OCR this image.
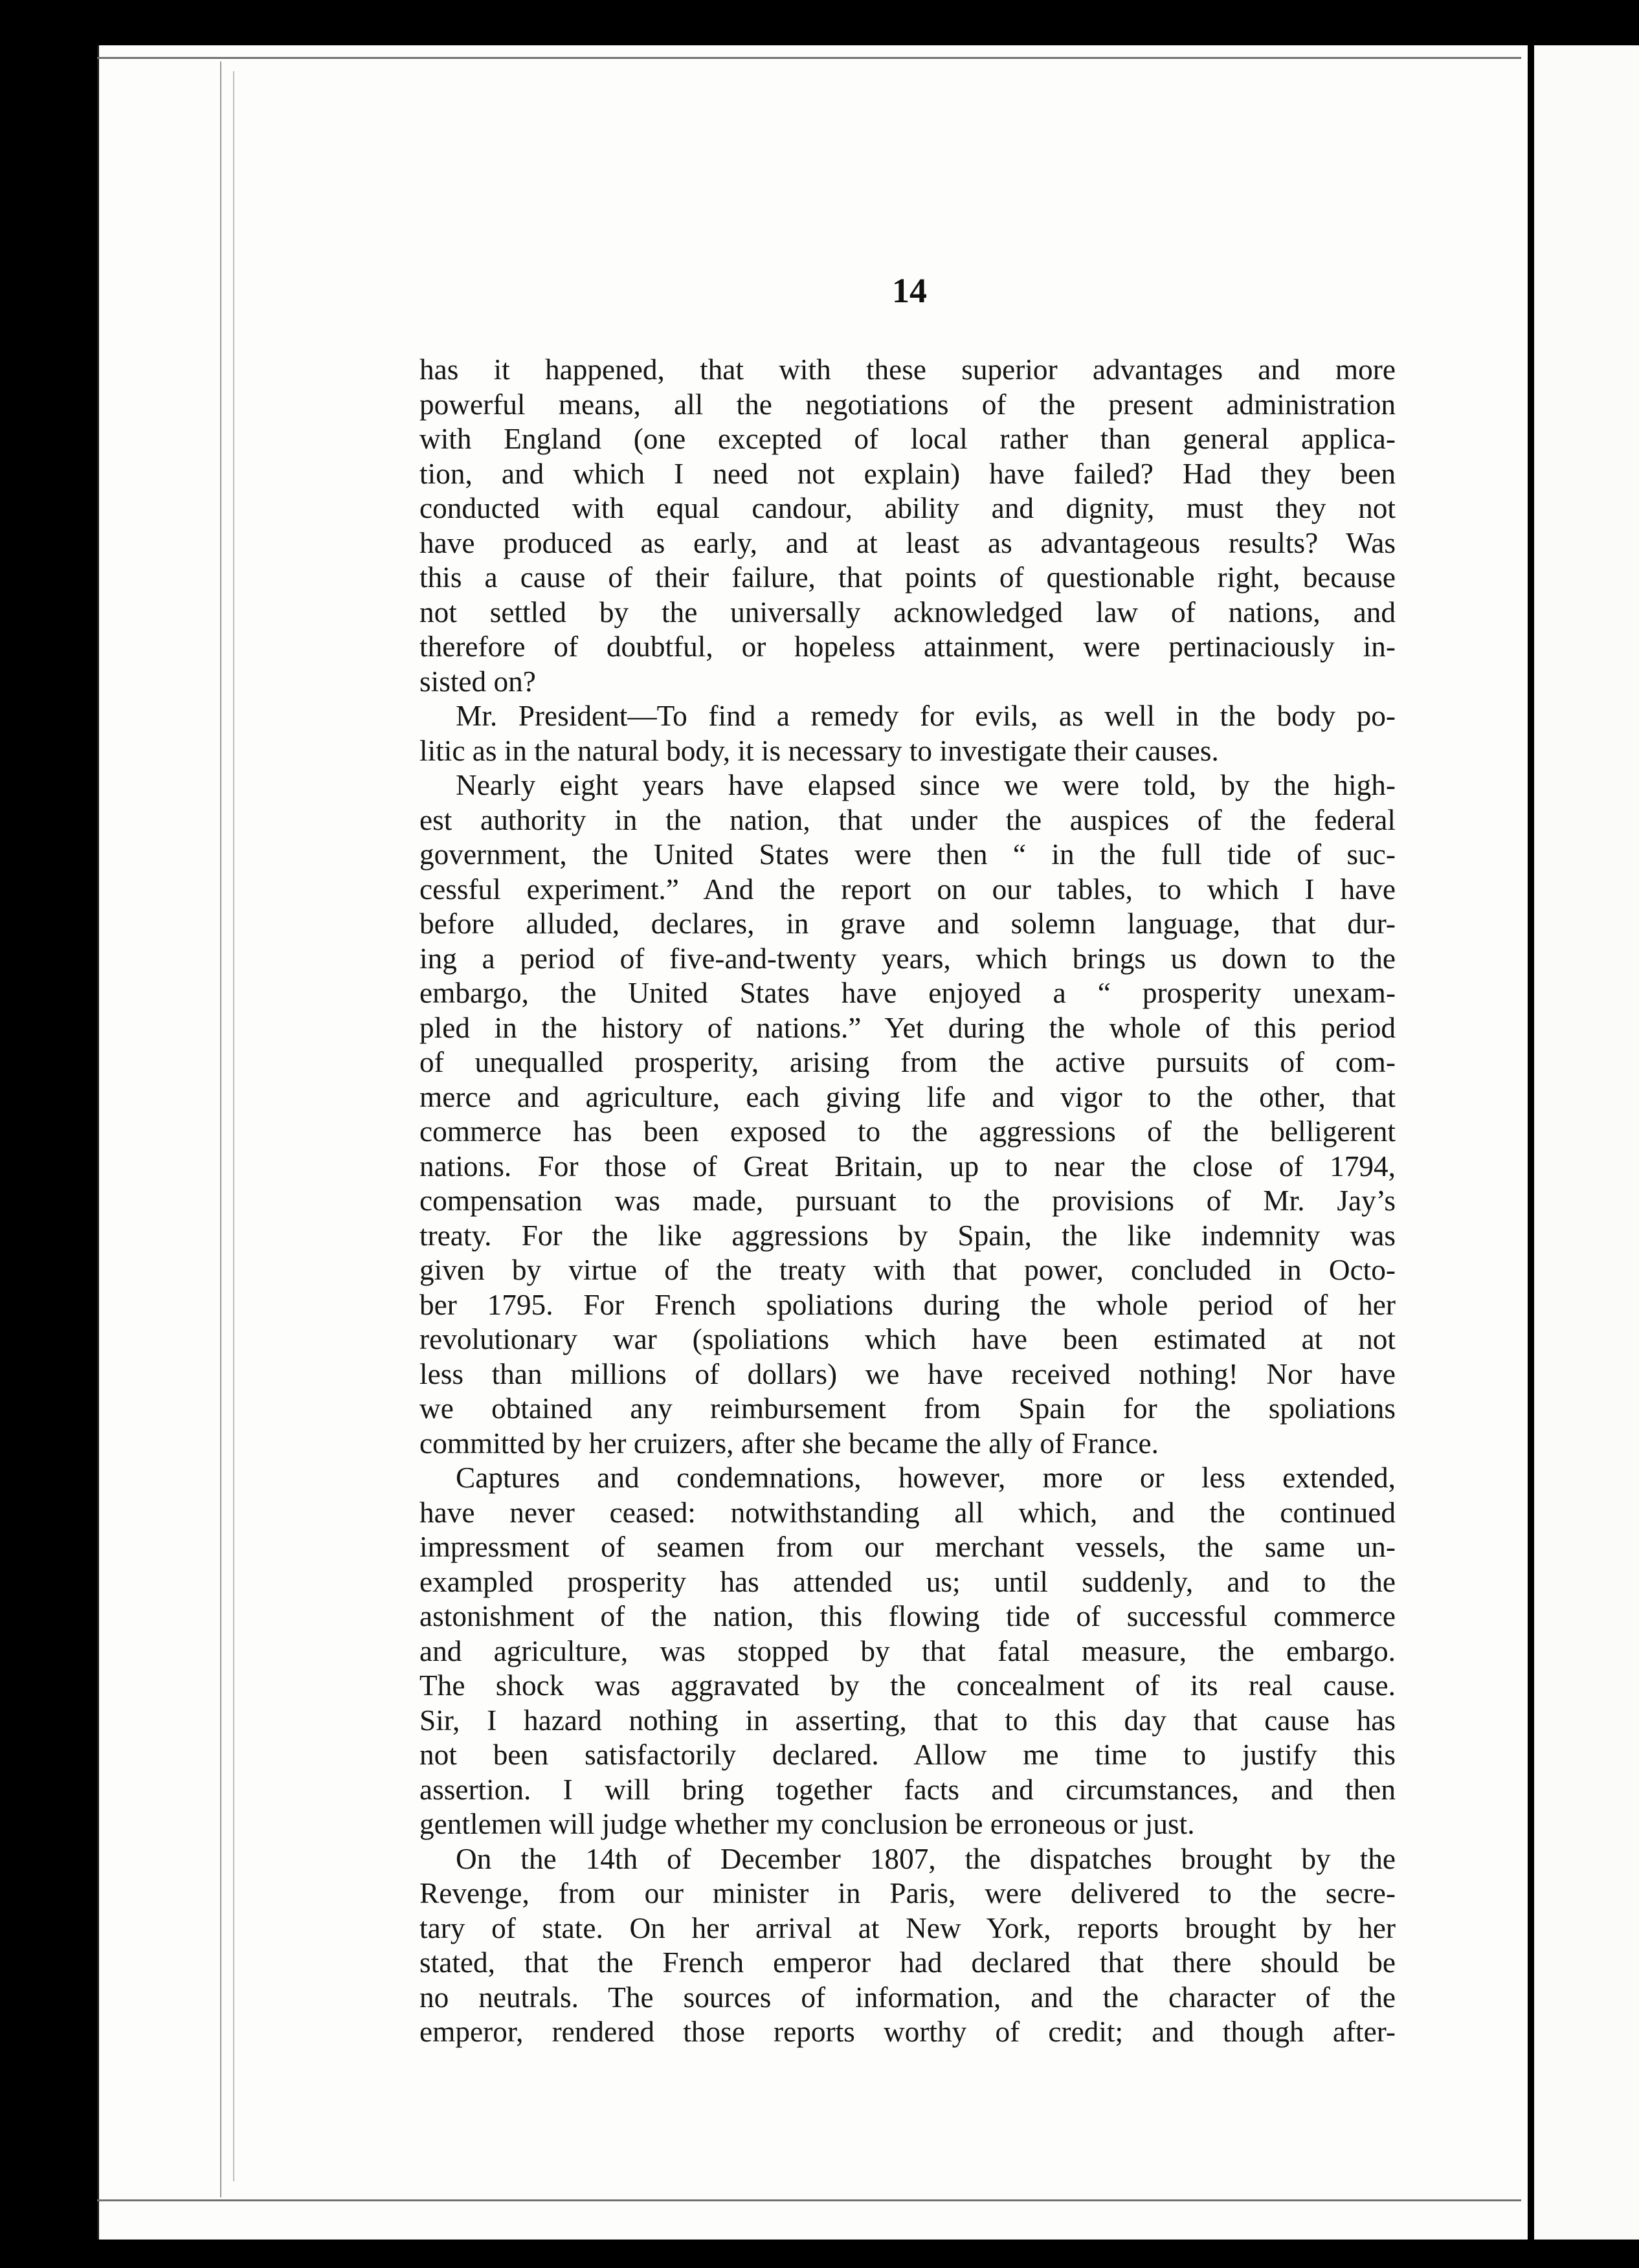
14
has it happened, that with these superior advantages and more
powerful means, all the negotiations of the present administration
with England (one excepted of local rather than general applica-
tion, and which I need not explain) have failed? Had they been
conducted with equal candour, ability and dignity, must they not
have produced as early, and at least as advantageous results? Was
this a cause of their failure, that points of questionable right, because
not settled by the universally acknowledged law of nations, and
therefore of doubtful, or hopeless attainment, were pertinaciously in-
sisted on?
Mr. President—To find a remedy for evils, as well in the body po-
litic as in the natural body, it is necessary to investigate their causes.
Nearly eight years have elapsed since we were told, by the high-
est authority in the nation, that under the auspices of the federal
government, the United States were then “ in the full tide of suc-
cessful experiment.” And the report on our tables, to which I have
before alluded, declares, in grave and solemn language, that dur-
ing a period of five-and-twenty years, which brings us down to the
embargo, the United States have enjoyed a “ prosperity unexam-
pled in the history of nations.” Yet during the whole of this period
of unequalled prosperity, arising from the active pursuits of com-
merce and agriculture, each giving life and vigor to the other, that
commerce has been exposed to the aggressions of the belligerent
nations. For those of Great Britain, up to near the close of 1794,
compensation was made, pursuant to the provisions of Mr. Jay’s
treaty. For the like aggressions by Spain, the like indemnity was
given by virtue of the treaty with that power, concluded in Octo-
ber 1795. For French spoliations during the whole period of her
revolutionary war (spoliations which have been estimated at not
less than millions of dollars) we have received nothing! Nor have
we obtained any reimbursement from Spain for the spoliations
committed by her cruizers, after she became the ally of France.
Captures and condemnations, however, more or less extended,
have never ceased: notwithstanding all which, and the continued
impressment of seamen from our merchant vessels, the same un-
exampled prosperity has attended us; until suddenly, and to the
astonishment of the nation, this flowing tide of successful commerce
and agriculture, was stopped by that fatal measure, the embargo.
The shock was aggravated by the concealment of its real cause.
Sir, I hazard nothing in asserting, that to this day that cause has
not been satisfactorily declared. Allow me time to justify this
assertion. I will bring together facts and circumstances, and then
gentlemen will judge whether my conclusion be erroneous or just.
On the 14th of December 1807, the dispatches brought by the
Revenge, from our minister in Paris, were delivered to the secre-
tary of state. On her arrival at New York, reports brought by her
stated, that the French emperor had declared that there should be
no neutrals. The sources of information, and the character of the
emperor, rendered those reports worthy of credit; and though after-
